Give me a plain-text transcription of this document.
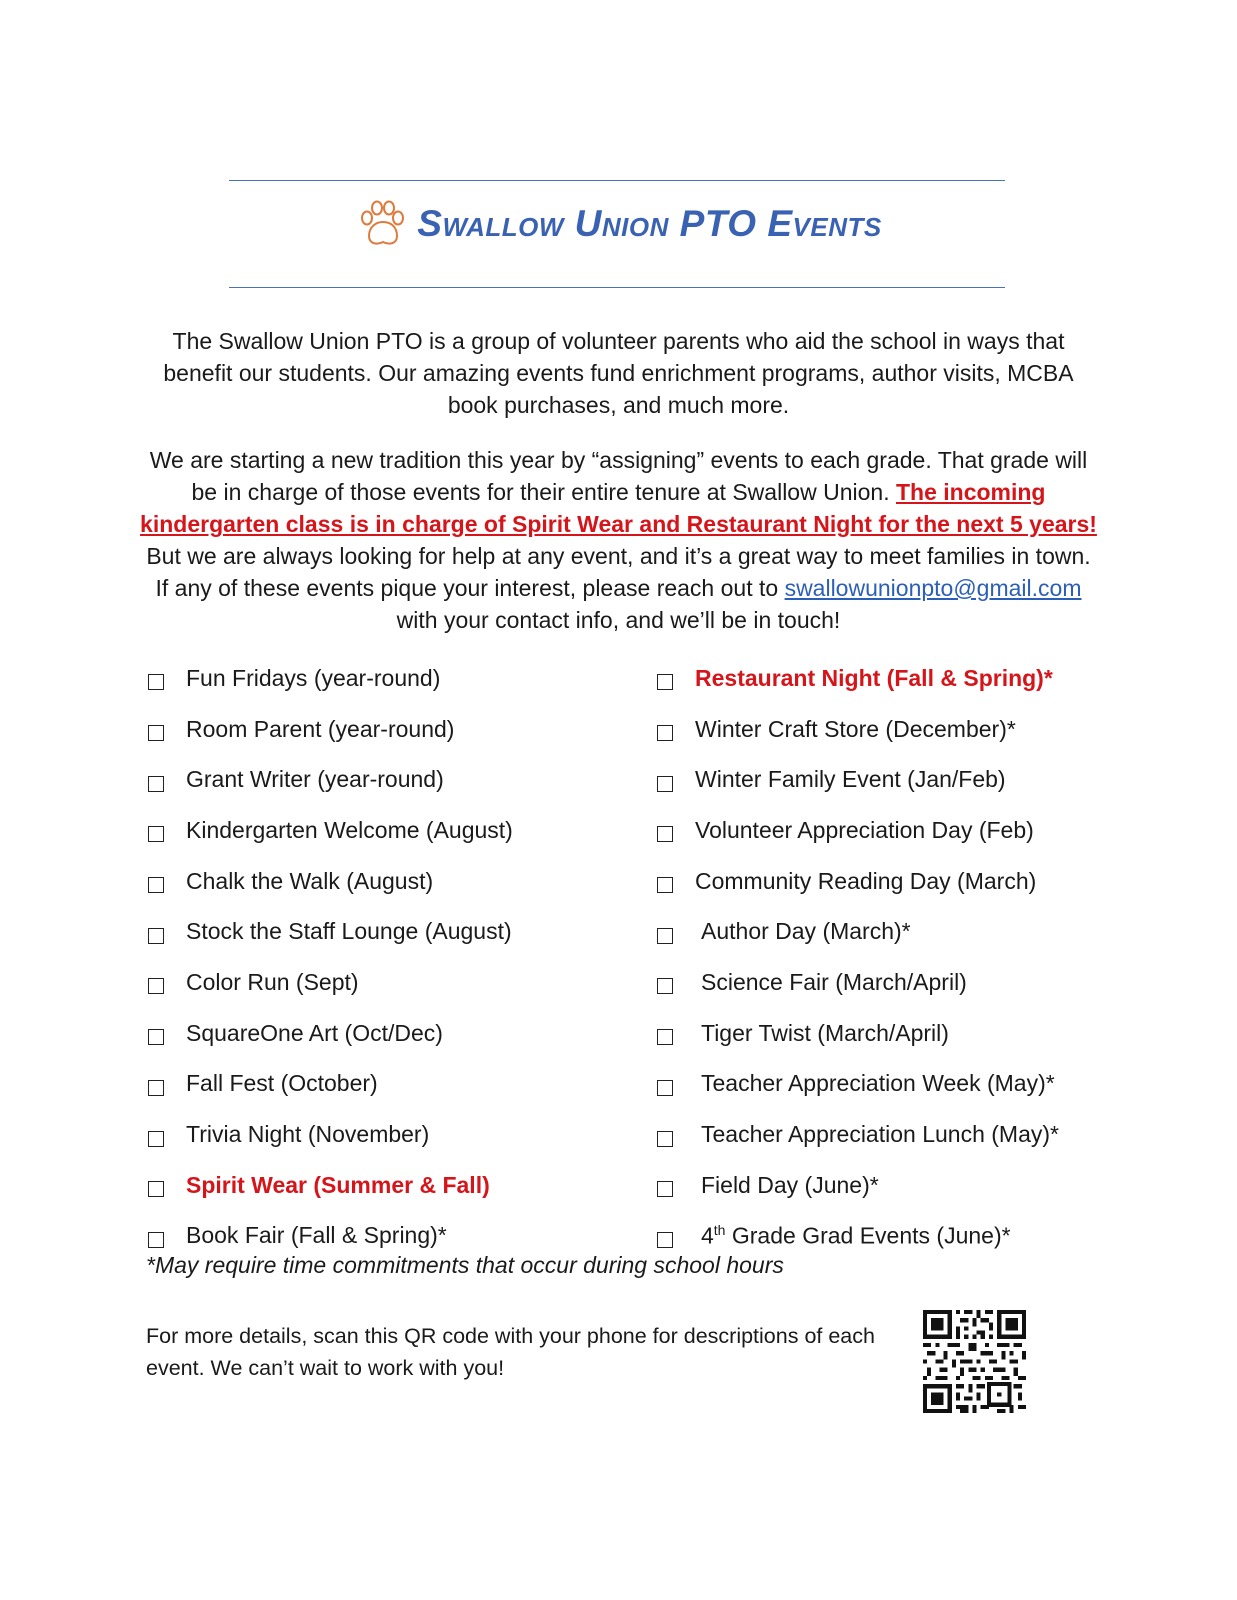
Swallow Union PTO Events

The Swallow Union PTO is a group of volunteer parents who aid the school in ways that benefit our students. Our amazing events fund enrichment programs, author visits, MCBA book purchases, and much more.

We are starting a new tradition this year by “assigning” events to each grade. That grade will be in charge of those events for their entire tenure at Swallow Union. The incoming kindergarten class is in charge of Spirit Wear and Restaurant Night for the next 5 years! But we are always looking for help at any event, and it’s a great way to meet families in town. If any of these events pique your interest, please reach out to swallowunionpto@gmail.com with your contact info, and we’ll be in touch!

Fun Fridays (year-round)
Room Parent (year-round)
Grant Writer (year-round)
Kindergarten Welcome (August)
Chalk the Walk (August)
Stock the Staff Lounge (August)
Color Run (Sept)
SquareOne Art (Oct/Dec)
Fall Fest (October)
Trivia Night (November)
Spirit Wear (Summer & Fall)
Book Fair (Fall & Spring)*
Restaurant Night (Fall & Spring)*
Winter Craft Store (December)*
Winter Family Event (Jan/Feb)
Volunteer Appreciation Day (Feb)
Community Reading Day (March)
Author Day (March)*
Science Fair (March/April)
Tiger Twist (March/April)
Teacher Appreciation Week (May)*
Teacher Appreciation Lunch (May)*
Field Day (June)*
4th Grade Grad Events (June)*

*May require time commitments that occur during school hours

For more details, scan this QR code with your phone for descriptions of each event. We can’t wait to work with you!
